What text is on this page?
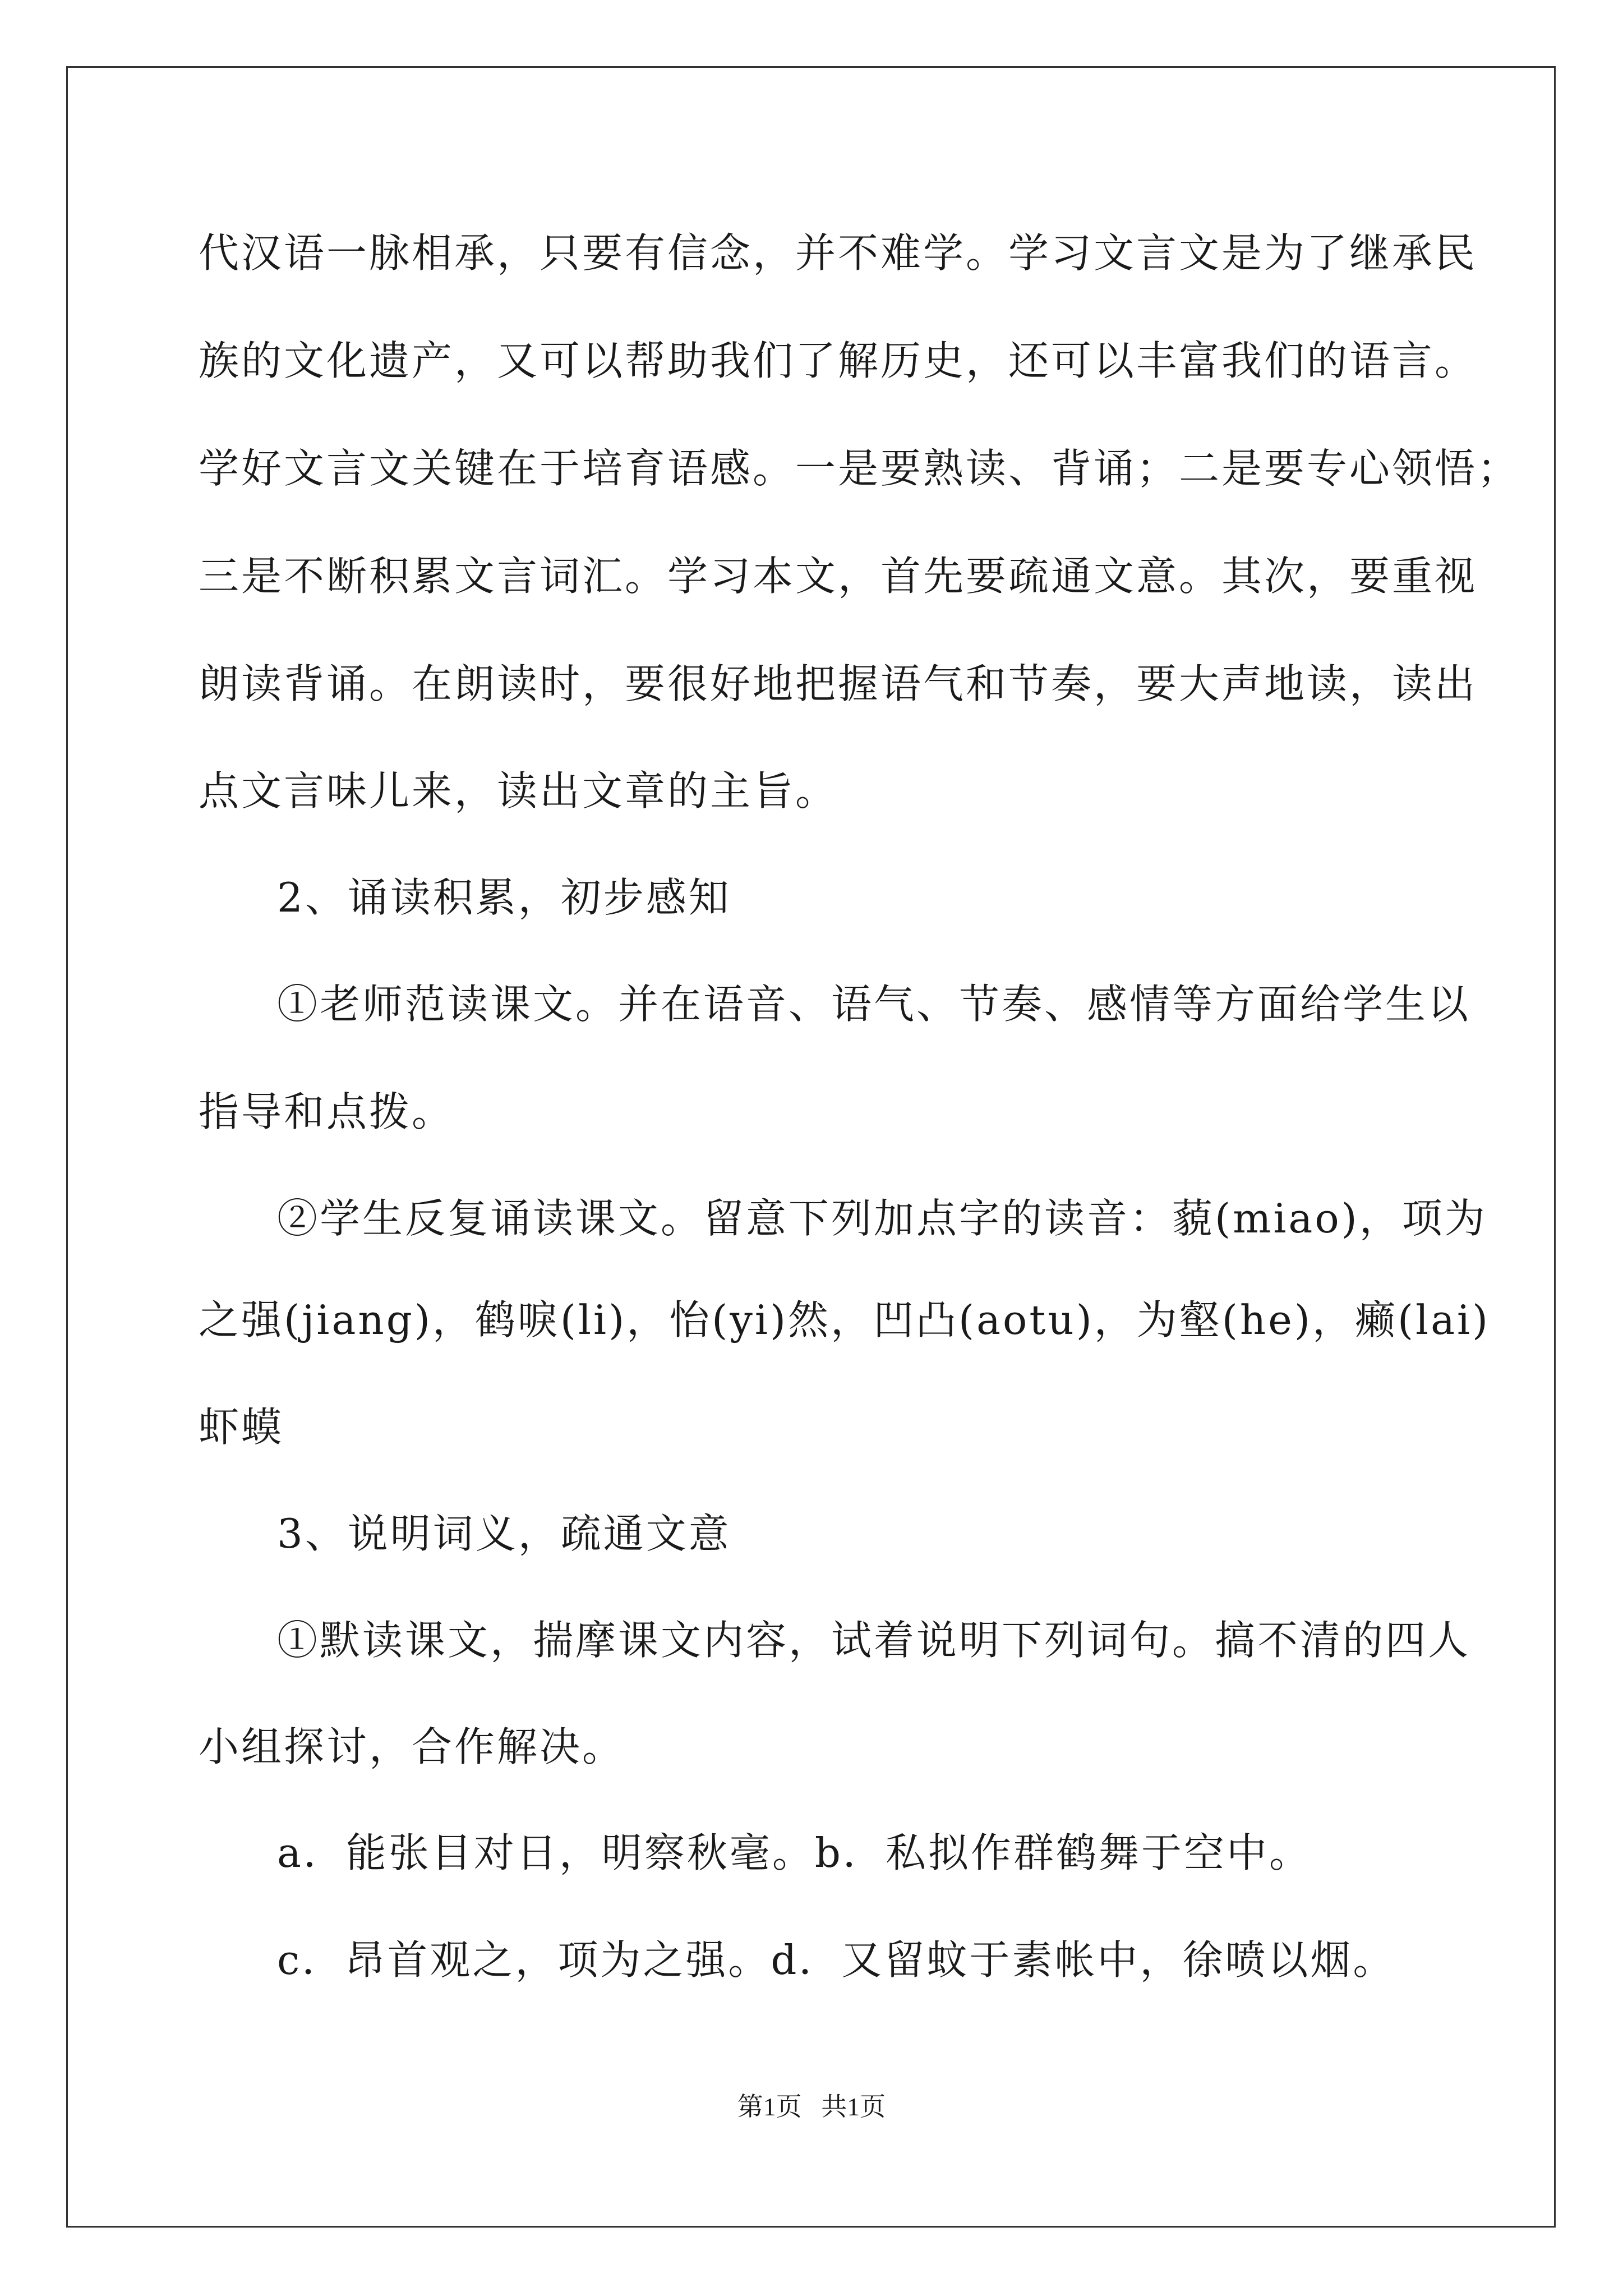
代汉语一脉相承，只要有信念，并不难学。学习文言文是为了继承民

族的文化遗产，又可以帮助我们了解历史，还可以丰富我们的语言。

学好文言文关键在于培育语感。一是要熟读、背诵；二是要专心领悟；

三是不断积累文言词汇。学习本文，首先要疏通文意。其次，要重视

朗读背诵。在朗读时，要很好地把握语气和节奏，要大声地读，读出

点文言味儿来，读出文章的主旨。

2、诵读积累，初步感知

①老师范读课文。并在语音、语气、节奏、感情等方面给学生以

指导和点拨。

②学生反复诵读课文。留意下列加点字的读音：藐(miao)，项为

之强(jiang)，鹤唳(li)，怡(yi)然，凹凸(aotu)，为壑(he)，癞(lai)

虾蟆

3、说明词义，疏通文意

①默读课文，揣摩课文内容，试着说明下列词句。搞不清的四人

小组探讨，合作解决。

a．能张目对日，明察秋毫。b．私拟作群鹤舞于空中。

c．昂首观之，项为之强。d．又留蚊于素帐中，徐喷以烟。

第1页   共1页
